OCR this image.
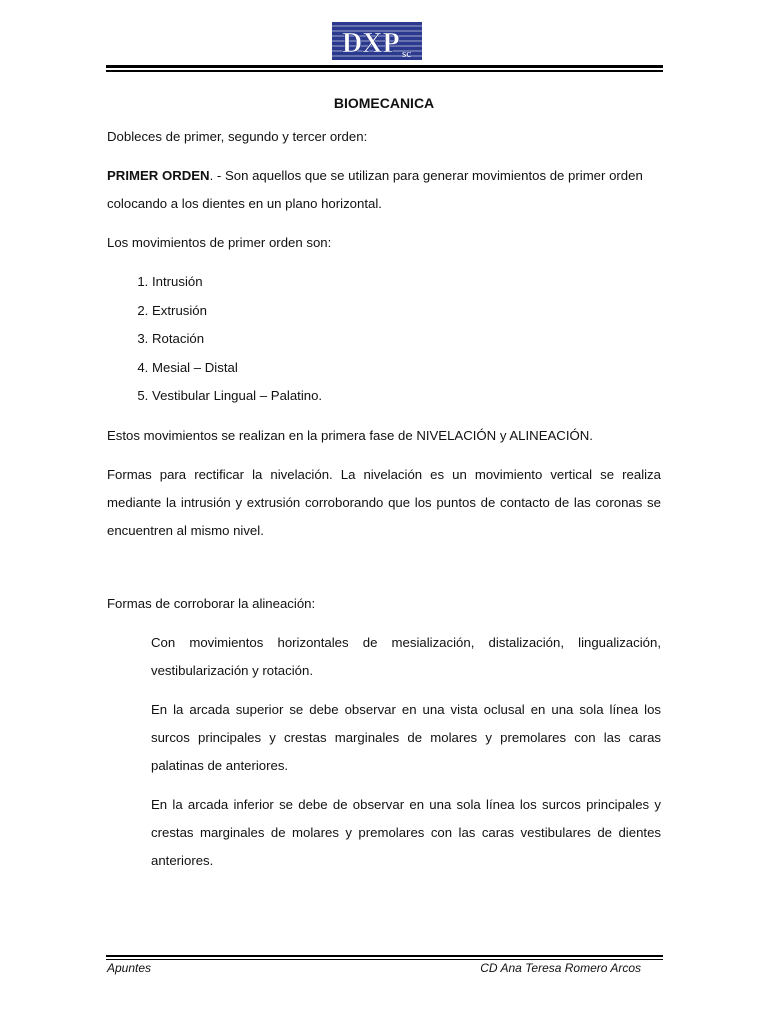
DXP sc
BIOMECANICA

Dobleces de primer, segundo y tercer orden:

PRIMER ORDEN. - Son aquellos que se utilizan para generar movimientos de primer orden colocando a los dientes en un plano horizontal.

Los movimientos de primer orden son:

1. Intrusión
2. Extrusión
3. Rotación
4. Mesial – Distal
5. Vestibular Lingual – Palatino.

Estos movimientos se realizan en la primera fase de NIVELACIÓN y ALINEACIÓN.

Formas para rectificar la nivelación. La nivelación es un movimiento vertical se realiza mediante la intrusión y extrusión corroborando que los puntos de contacto de las coronas se encuentren al mismo nivel.

Formas de corroborar la alineación:

Con movimientos horizontales de mesialización, distalización, lingualización, vestibularización y rotación.

En la arcada superior se debe observar en una vista oclusal en una sola línea los surcos principales y crestas marginales de molares y premolares con las caras palatinas de anteriores.

En la arcada inferior se debe de observar en una sola línea los surcos principales y crestas marginales de molares y premolares con las caras vestibulares de dientes anteriores.

Apuntes	CD Ana Teresa Romero Arcos
